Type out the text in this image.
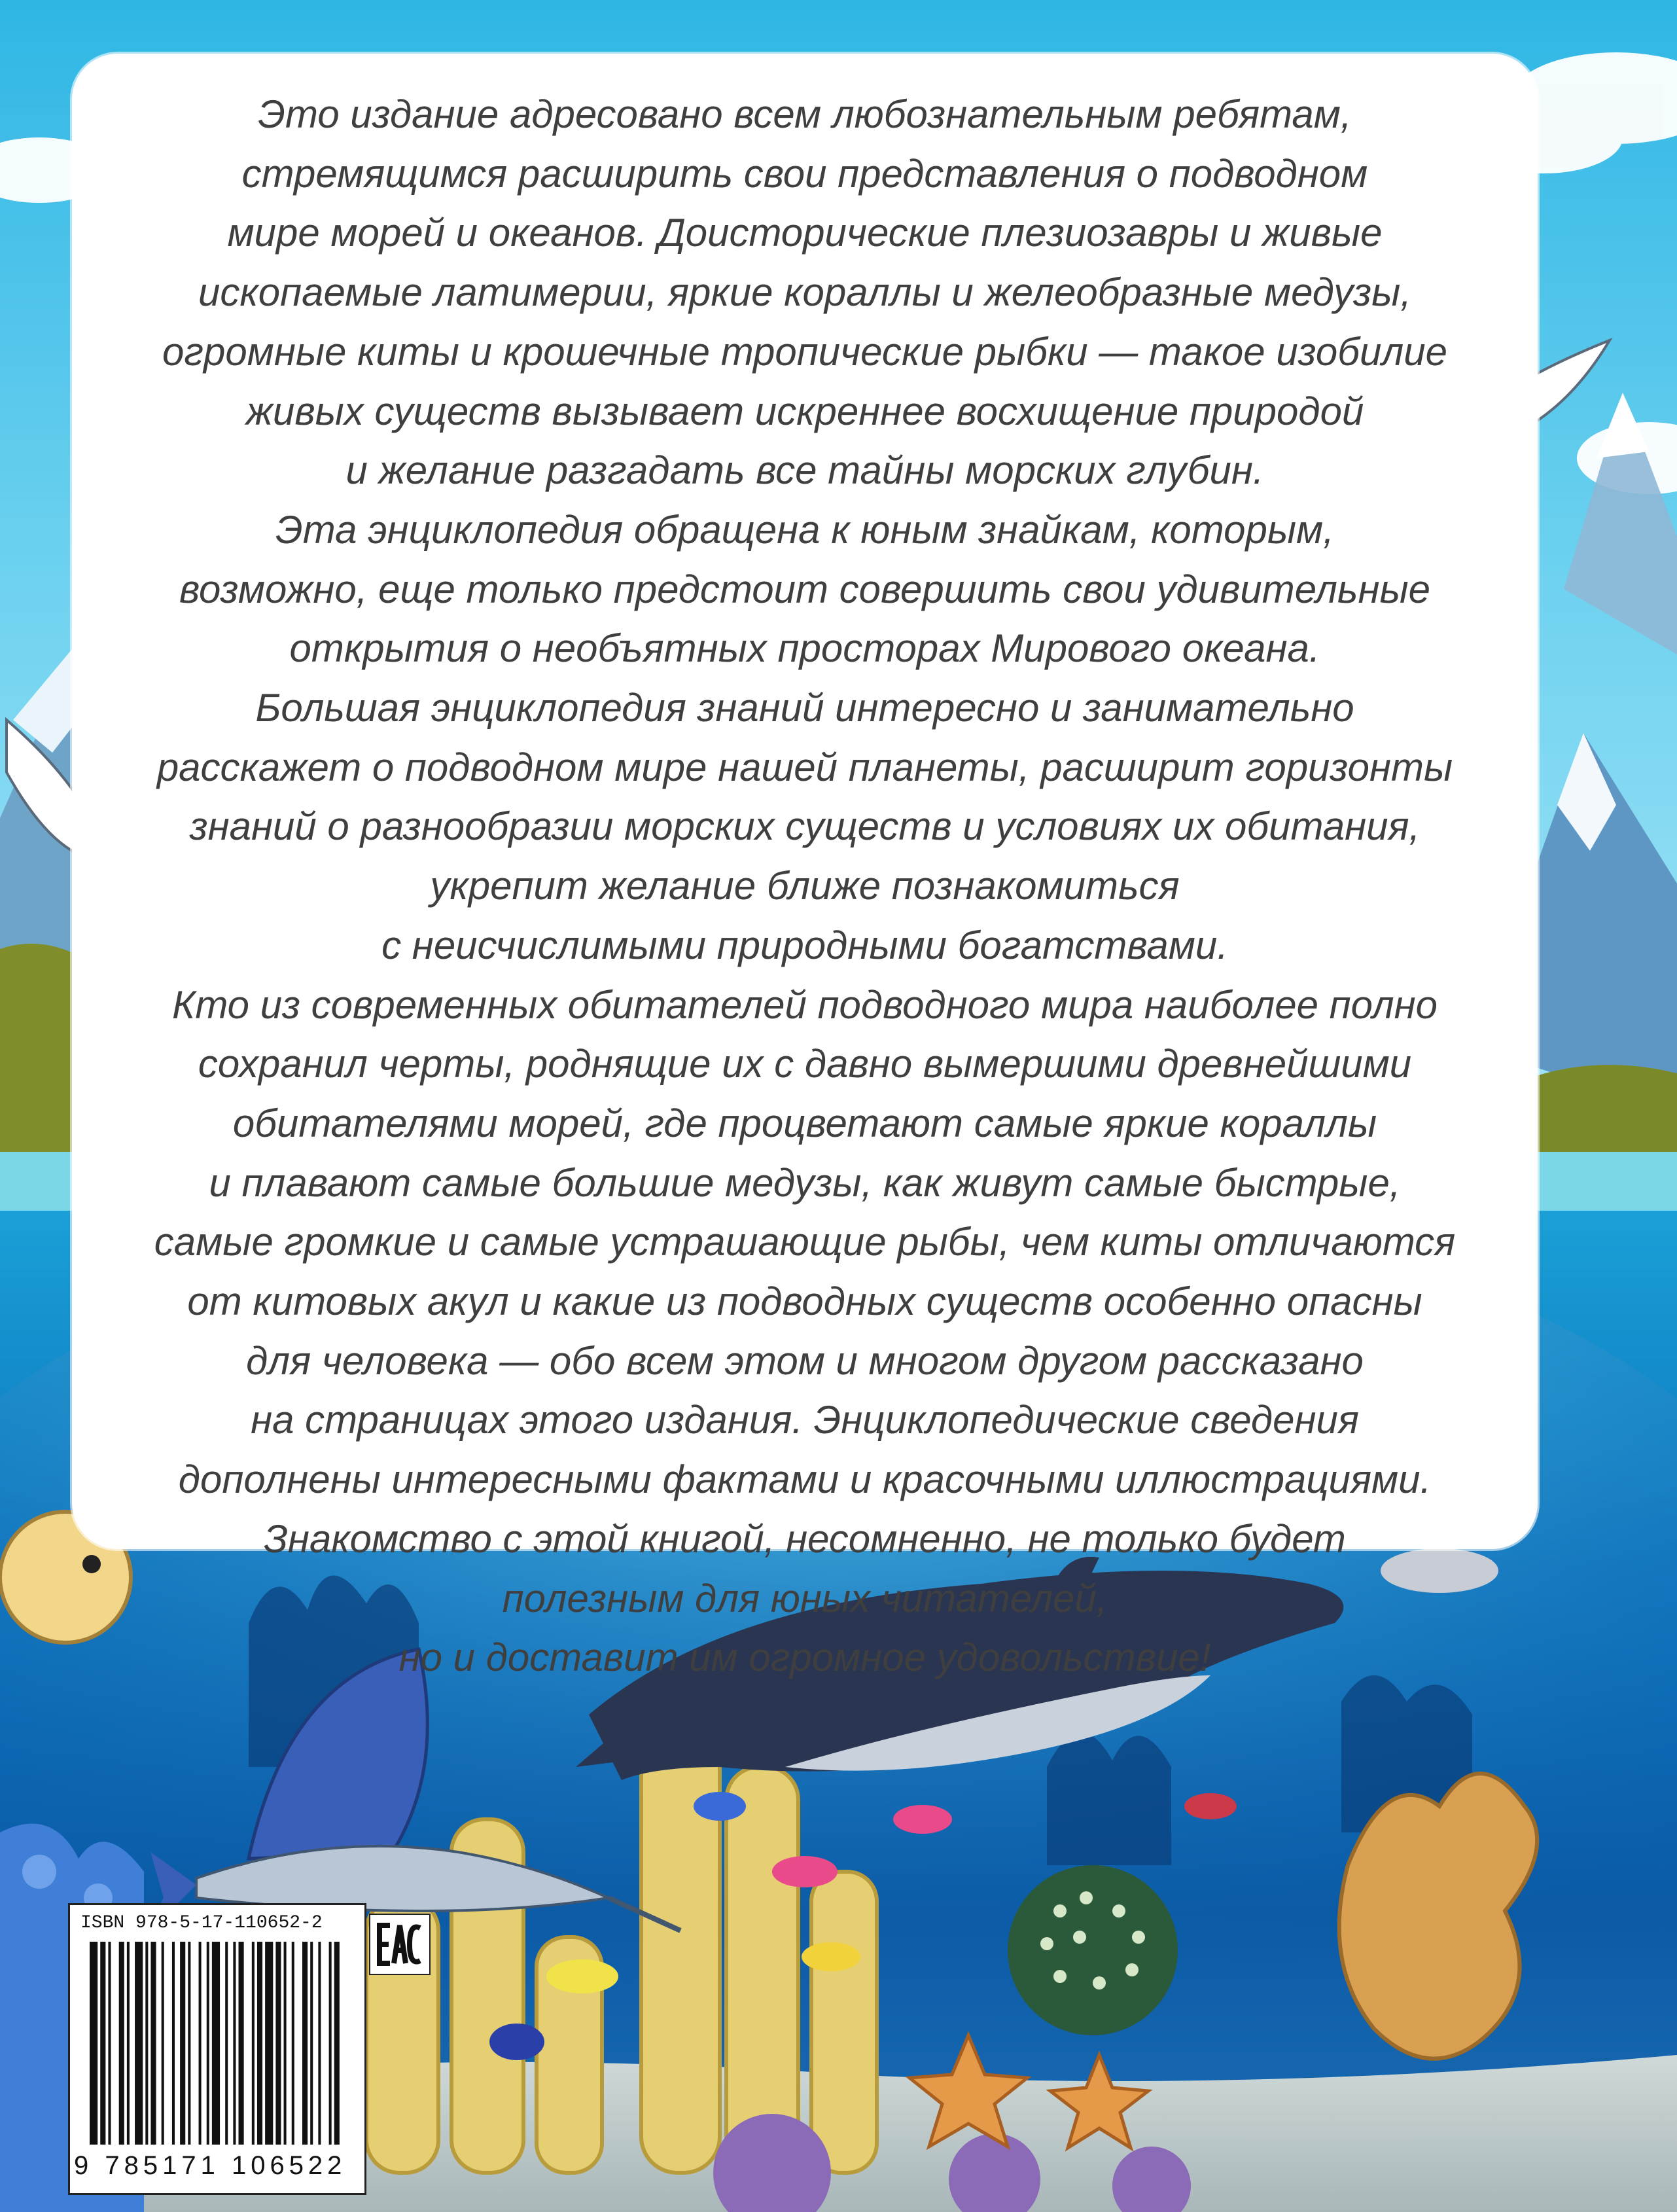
Это издание адресовано всем любознательным ребятам,
стремящимся расширить свои представления о подводном
мире морей и океанов. Доисторические плезиозавры и живые
ископаемые латимерии, яркие кораллы и желеобразные медузы,
огромные киты и крошечные тропические рыбки — такое изобилие
живых существ вызывает искреннее восхищение природой
и желание разгадать все тайны морских глубин.
Эта энциклопедия обращена к юным знайкам, которым,
возможно, еще только предстоит совершить свои удивительные
открытия о необъятных просторах Мирового океана.
Большая энциклопедия знаний интересно и занимательно
расскажет о подводном мире нашей планеты, расширит горизонты
знаний о разнообразии морских существ и условиях их обитания,
укрепит желание ближе познакомиться
с неисчислимыми природными богатствами.
Кто из современных обитателей подводного мира наиболее полно
сохранил черты, роднящие их с давно вымершими древнейшими
обитателями морей, где процветают самые яркие кораллы
и плавают самые большие медузы, как живут самые быстрые,
самые громкие и самые устрашающие рыбы, чем киты отличаются
от китовых акул и какие из подводных существ особенно опасны
для человека — обо всем этом и многом другом рассказано
на страницах этого издания. Энциклопедические сведения
дополнены интересными фактами и красочными иллюстрациями.
Знакомство с этой книгой, несомненно, не только будет
полезным для юных читателей,
но и доставит им огромное удовольствие!

ISBN 978-5-17-110652-2
9 785171 106522
